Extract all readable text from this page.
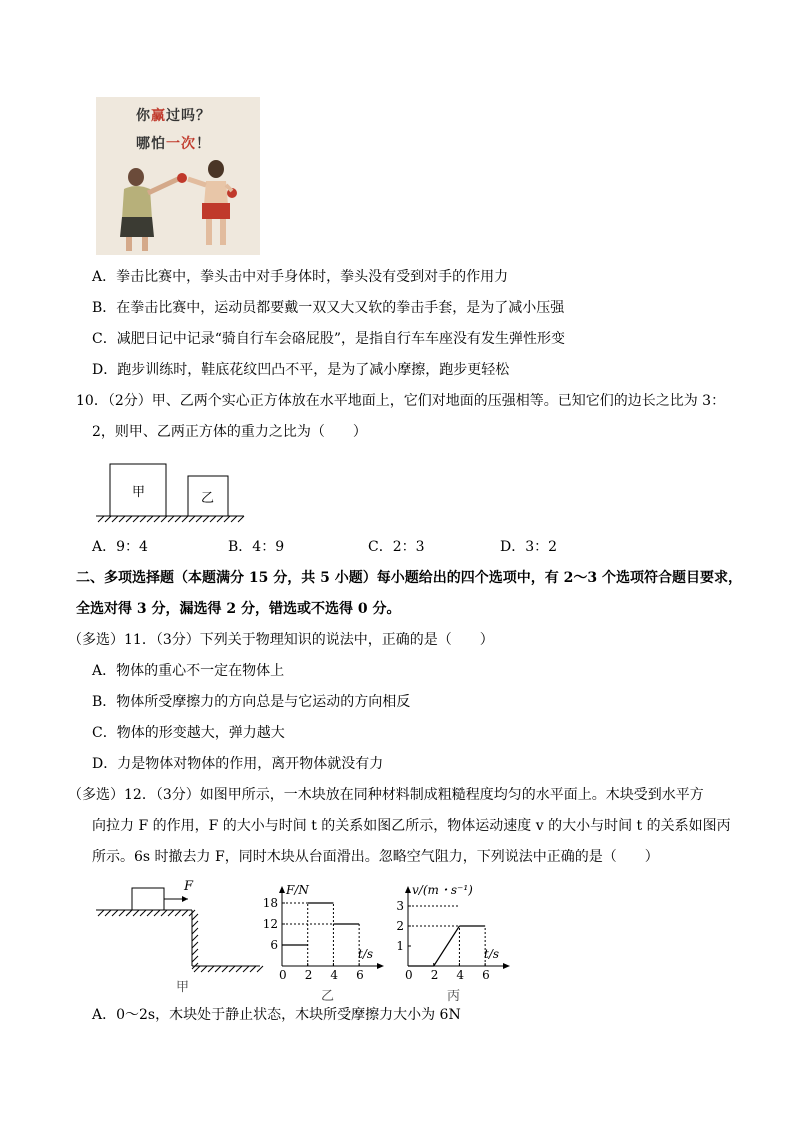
你赢过吗？
哪怕一次！
A．拳击比赛中，拳头击中对手身体时，拳头没有受到对手的作用力
B．在拳击比赛中，运动员都要戴一双又大又软的拳击手套，是为了减小压强
C．减肥日记中记录“骑自行车会硌屁股”，是指自行车车座没有发生弹性形变
D．跑步训练时，鞋底花纹凹凸不平，是为了减小摩擦，跑步更轻松
10．（2分）甲、乙两个实心正方体放在水平地面上，它们对地面的压强相等。已知它们的边长之比为 3：
2，则甲、乙两正方体的重力之比为（　　）
甲	乙
A．9：4	B．4：9	C．2：3	D．3：2
二、多项选择题（本题满分 15 分，共 5 小题）每小题给出的四个选项中，有 2～3 个选项符合题目要求，
全选对得 3 分，漏选得 2 分，错选或不选得 0 分。
（多选）11．（3分）下列关于物理知识的说法中，正确的是（　　）
A．物体的重心不一定在物体上
B．物体所受摩擦力的方向总是与它运动的方向相反
C．物体的形变越大，弹力越大
D．力是物体对物体的作用，离开物体就没有力
（多选）12．（3分）如图甲所示，一木块放在同种材料制成粗糙程度均匀的水平面上。木块受到水平方
向拉力 F 的作用，F 的大小与时间 t 的关系如图乙所示，物体运动速度 v 的大小与时间 t 的关系如图丙
所示。6s 时撤去力 F，同时木块从台面滑出。忽略空气阻力，下列说法中正确的是（　　）
F
甲
F/N
t/s
0 2 4 6
18
12
6
乙
v/(m・s⁻¹)
t/s
0 2 4 6
3
2
1
丙
A．0～2s，木块处于静止状态，木块所受摩擦力大小为 6N
